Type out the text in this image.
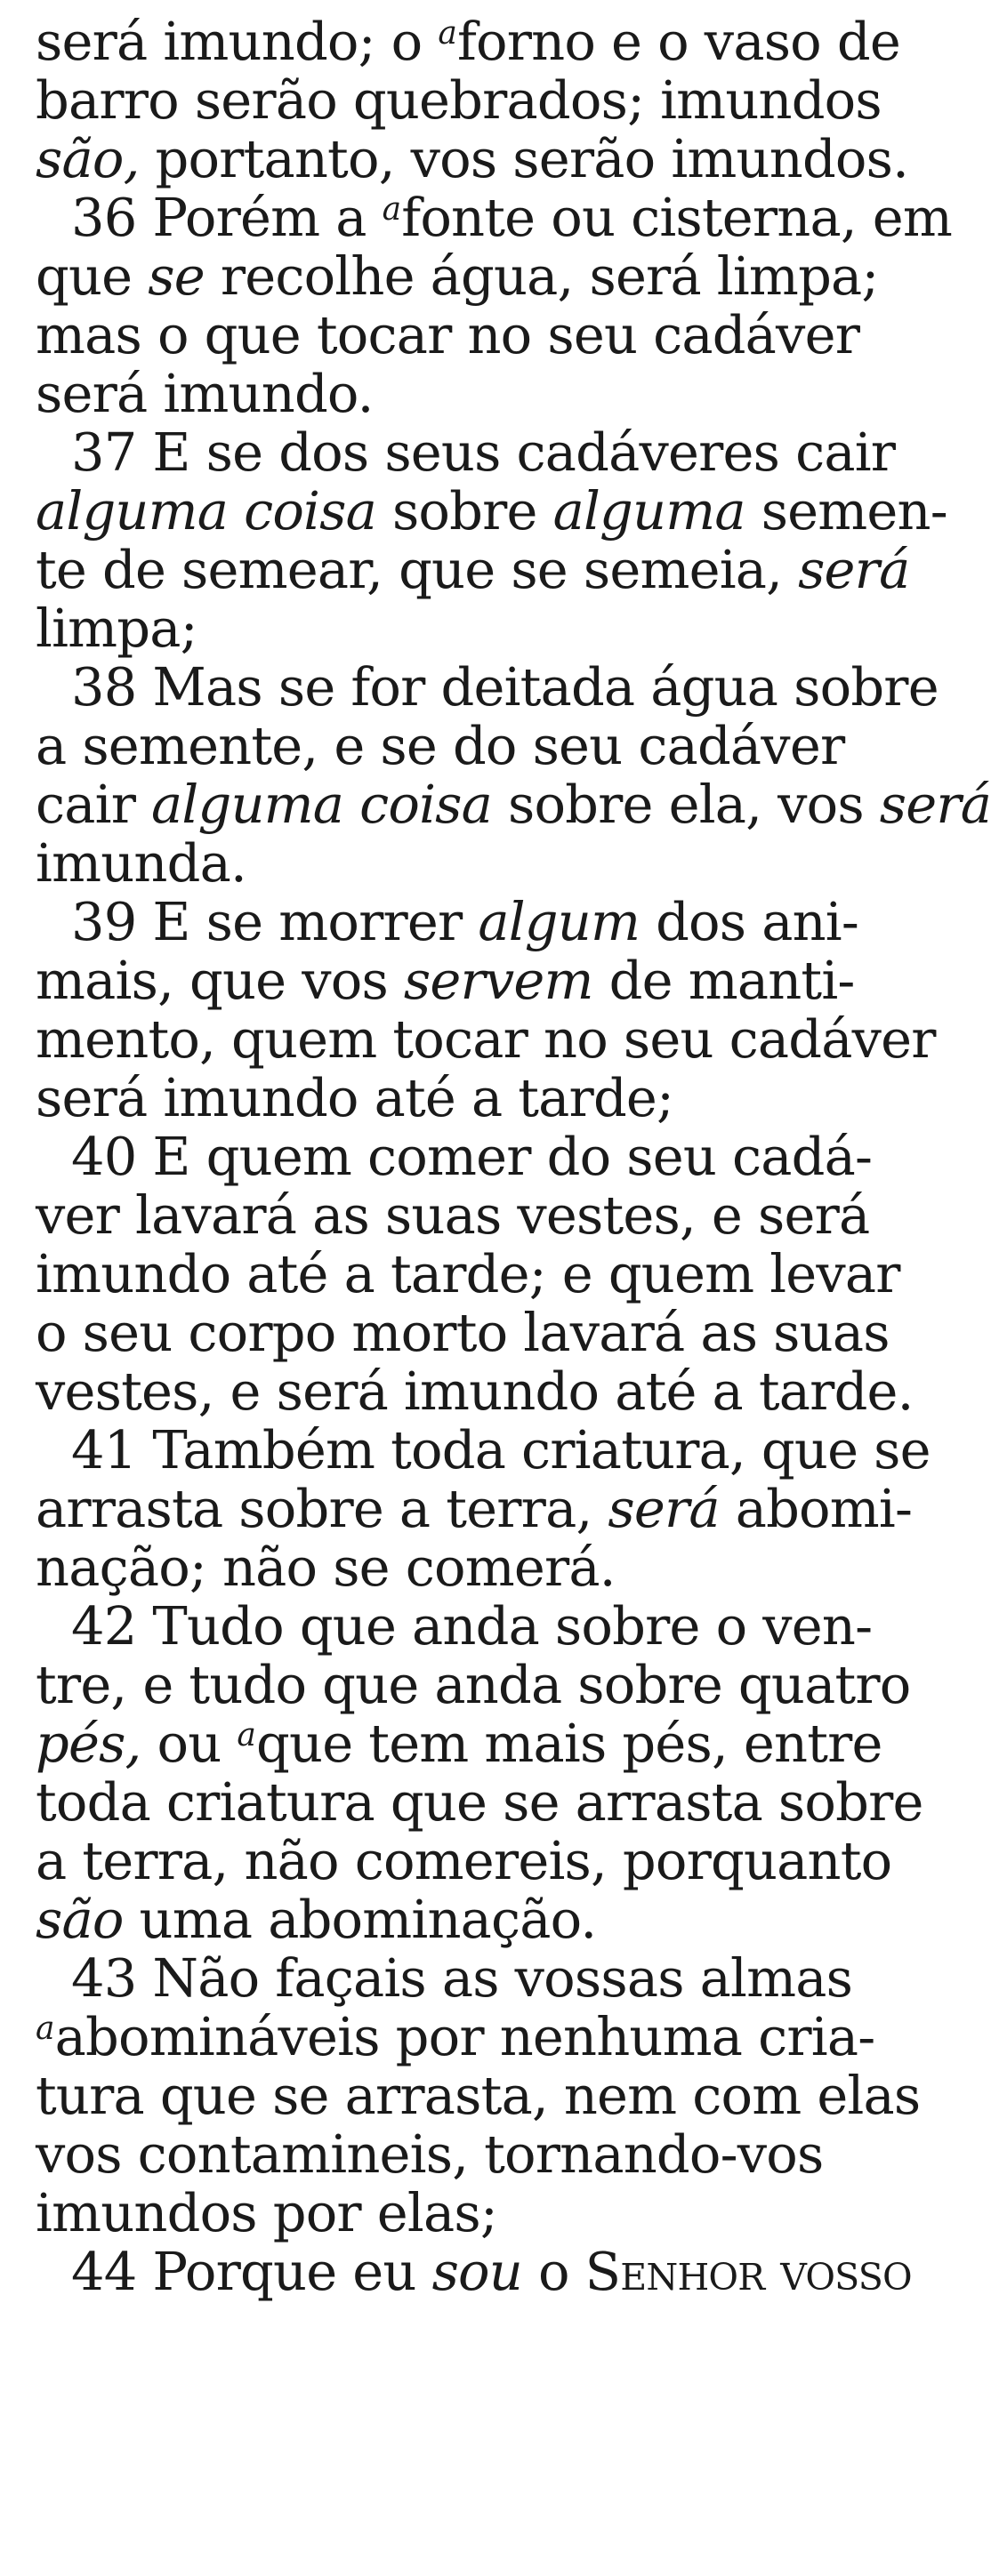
será imundo; o $^a$forno e o vaso de
barro serão quebrados; imundos
são, portanto, vos serão imundos.
36 Porém a $^a$fonte ou cisterna, em
que se recolhe água, será limpa;
mas o que tocar no seu cadáver
será imundo.
37 E se dos seus cadáveres cair
alguma coisa sobre alguma semen-
te de semear, que se semeia, será
limpa;
38 Mas se for deitada água sobre
a semente, e se do seu cadáver
cair alguma coisa sobre ela, vos será
imunda.
39 E se morrer algum dos ani-
mais, que vos servem de manti-
mento, quem tocar no seu cadáver
será imundo até a tarde;
40 E quem comer do seu cadá-
ver lavará as suas vestes, e será
imundo até a tarde; e quem levar
o seu corpo morto lavará as suas
vestes, e será imundo até a tarde.
41 Também toda criatura, que se
arrasta sobre a terra, será abomi-
nação; não se comerá.
42 Tudo que anda sobre o ven-
tre, e tudo que anda sobre quatro
pés, ou $^a$que tem mais pés, entre
toda criatura que se arrasta sobre
a terra, não comereis, porquanto
são uma abominação.
43 Não façais as vossas almas
$^a$abomináveis por nenhuma cria-
tura que se arrasta, nem com elas
vos contamineis, tornando-vos
imundos por elas;
44 Porque eu sou o Senhor vosso
